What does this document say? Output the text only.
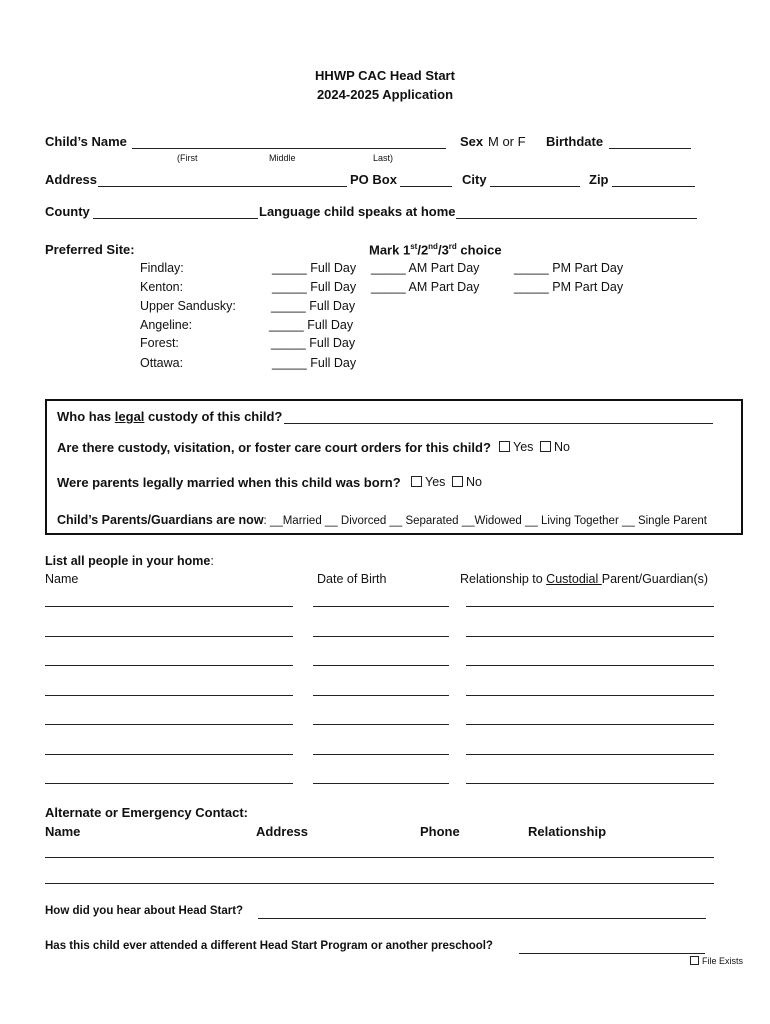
HHWP CAC Head Start
2024-2025 Application
Child’s Name	Sex M or F Birthdate
(First	Middle	Last)
Address	PO Box	City	Zip
County	Language child speaks at home
Preferred Site:	Mark 1st/2nd/3rd choice
Findlay:	_____ Full Day _____ AM Part Day	_____ PM Part Day
Kenton:	_____ Full Day _____ AM Part Day	_____ PM Part Day
Upper Sandusky:	_____ Full Day
Angeline:	_____ Full Day
Forest:	_____ Full Day
Ottawa:	_____ Full Day
Who has legal custody of this child?
Are there custody, visitation, or foster care court orders for this child?	Yes	No
Were parents legally married when this child was born?	Yes	No
Child’s Parents/Guardians are now: __Married __ Divorced __ Separated __Widowed __ Living Together __ Single Parent
List all people in your home:
Name	Date of Birth	Relationship to Custodial Parent/Guardian(s)
Alternate or Emergency Contact:
Name	Address	Phone	Relationship
How did you hear about Head Start?
Has this child ever attended a different Head Start Program or another preschool?
File Exists
